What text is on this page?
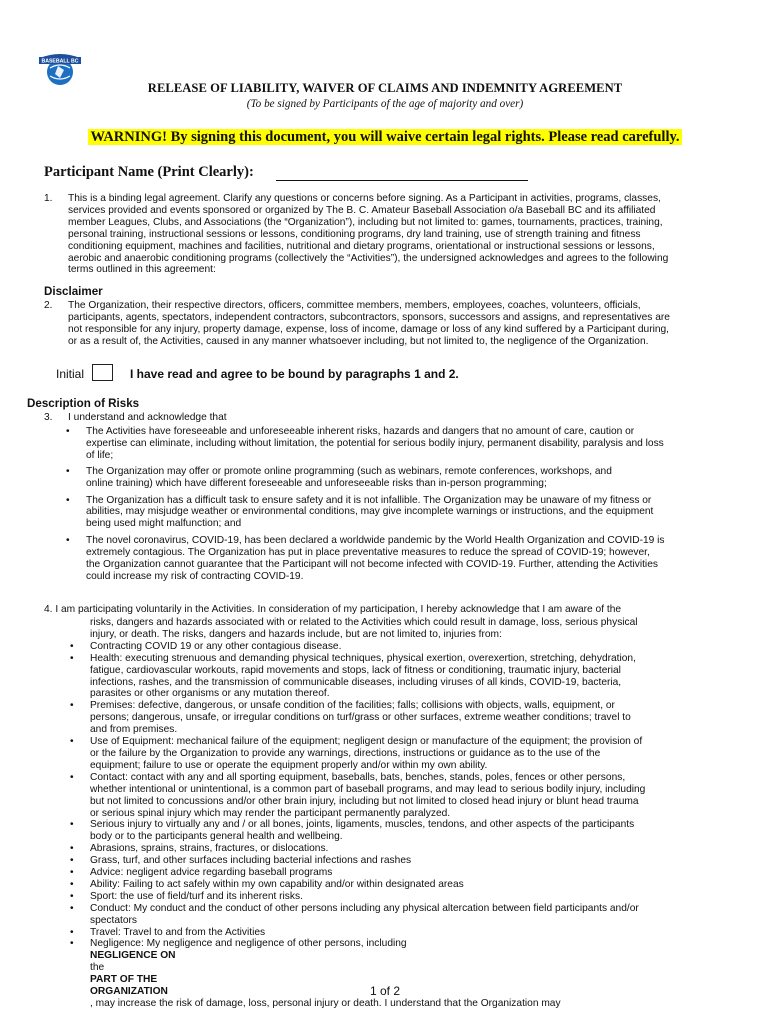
BASEBALL BC
RELEASE OF LIABILITY, WAIVER OF CLAIMS AND INDEMNITY AGREEMENT
(To be signed by Participants of the age of majority and over)
WARNING! By signing this document, you will waive certain legal rights. Please read carefully.
Participant Name (Print Clearly):
1. This is a binding legal agreement. Clarify any questions or concerns before signing. As a Participant in activities, programs, classes,
services provided and events sponsored or organized by The B. C. Amateur Baseball Association o/a Baseball BC and its affiliated
member Leagues, Clubs, and Associations (the “Organization”), including but not limited to: games, tournaments, practices, training,
personal training, instructional sessions or lessons, conditioning programs, dry land training, use of strength training and fitness
conditioning equipment, machines and facilities, nutritional and dietary programs, orientational or instructional sessions or lessons,
aerobic and anaerobic conditioning programs (collectively the “Activities”), the undersigned acknowledges and agrees to the following
terms outlined in this agreement:
Disclaimer
2. The Organization, their respective directors, officers, committee members, members, employees, coaches, volunteers, officials,
participants, agents, spectators, independent contractors, subcontractors, sponsors, successors and assigns, and representatives are
not responsible for any injury, property damage, expense, loss of income, damage or loss of any kind suffered by a Participant during,
or as a result of, the Activities, caused in any manner whatsoever including, but not limited to, the negligence of the Organization.
Initial	I have read and agree to be bound by paragraphs 1 and 2.
Description of Risks
3. I understand and acknowledge that
• The Activities have foreseeable and unforeseeable inherent risks, hazards and dangers that no amount of care, caution or
expertise can eliminate, including without limitation, the potential for serious bodily injury, permanent disability, paralysis and loss
of life;
• The Organization may offer or promote online programming (such as webinars, remote conferences, workshops, and
online training) which have different foreseeable and unforeseeable risks than in-person programming;
• The Organization has a difficult task to ensure safety and it is not infallible. The Organization may be unaware of my fitness or
abilities, may misjudge weather or environmental conditions, may give incomplete warnings or instructions, and the equipment
being used might malfunction; and
• The novel coronavirus, COVID-19, has been declared a worldwide pandemic by the World Health Organization and COVID-19 is
extremely contagious. The Organization has put in place preventative measures to reduce the spread of COVID-19; however,
the Organization cannot guarantee that the Participant will not become infected with COVID-19. Further, attending the Activities
could increase my risk of contracting COVID-19.
4. I am participating voluntarily in the Activities. In consideration of my participation, I hereby acknowledge that I am aware of the
risks, dangers and hazards associated with or related to the Activities which could result in damage, loss, serious physical
injury, or death. The risks, dangers and hazards include, but are not limited to, injuries from:
• Contracting COVID 19 or any other contagious disease.
• Health: executing strenuous and demanding physical techniques, physical exertion, overexertion, stretching, dehydration,
fatigue, cardiovascular workouts, rapid movements and stops, lack of fitness or conditioning, traumatic injury, bacterial
infections, rashes, and the transmission of communicable diseases, including viruses of all kinds, COVID-19, bacteria,
parasites or other organisms or any mutation thereof.
• Premises: defective, dangerous, or unsafe condition of the facilities; falls; collisions with objects, walls, equipment, or
persons; dangerous, unsafe, or irregular conditions on turf/grass or other surfaces, extreme weather conditions; travel to
and from premises.
• Use of Equipment: mechanical failure of the equipment; negligent design or manufacture of the equipment; the provision of
or the failure by the Organization to provide any warnings, directions, instructions or guidance as to the use of the
equipment; failure to use or operate the equipment properly and/or within my own ability.
• Contact: contact with any and all sporting equipment, baseballs, bats, benches, stands, poles, fences or other persons,
whether intentional or unintentional, is a common part of baseball programs, and may lead to serious bodily injury, including
but not limited to concussions and/or other brain injury, including but not limited to closed head injury or blunt head trauma
or serious spinal injury which may render the participant permanently paralyzed.
• Serious injury to virtually any and / or all bones, joints, ligaments, muscles, tendons, and other aspects of the participants
body or to the participants general health and wellbeing.
• Abrasions, sprains, strains, fractures, or dislocations.
• Grass, turf, and other surfaces including bacterial infections and rashes
• Advice: negligent advice regarding baseball programs
• Ability: Failing to act safely within my own capability and/or within designated areas
• Sport: the use of field/turf and its inherent risks.
• Conduct: My conduct and the conduct of other persons including any physical altercation between field participants and/or
spectators
• Travel: Travel to and from the Activities
• Negligence: My negligence and negligence of other persons, including
NEGLIGENCE ON
the
PART OF THE
ORGANIZATION
, may increase the risk of damage, loss, personal injury or death. I understand that the Organization may
1 of 2
